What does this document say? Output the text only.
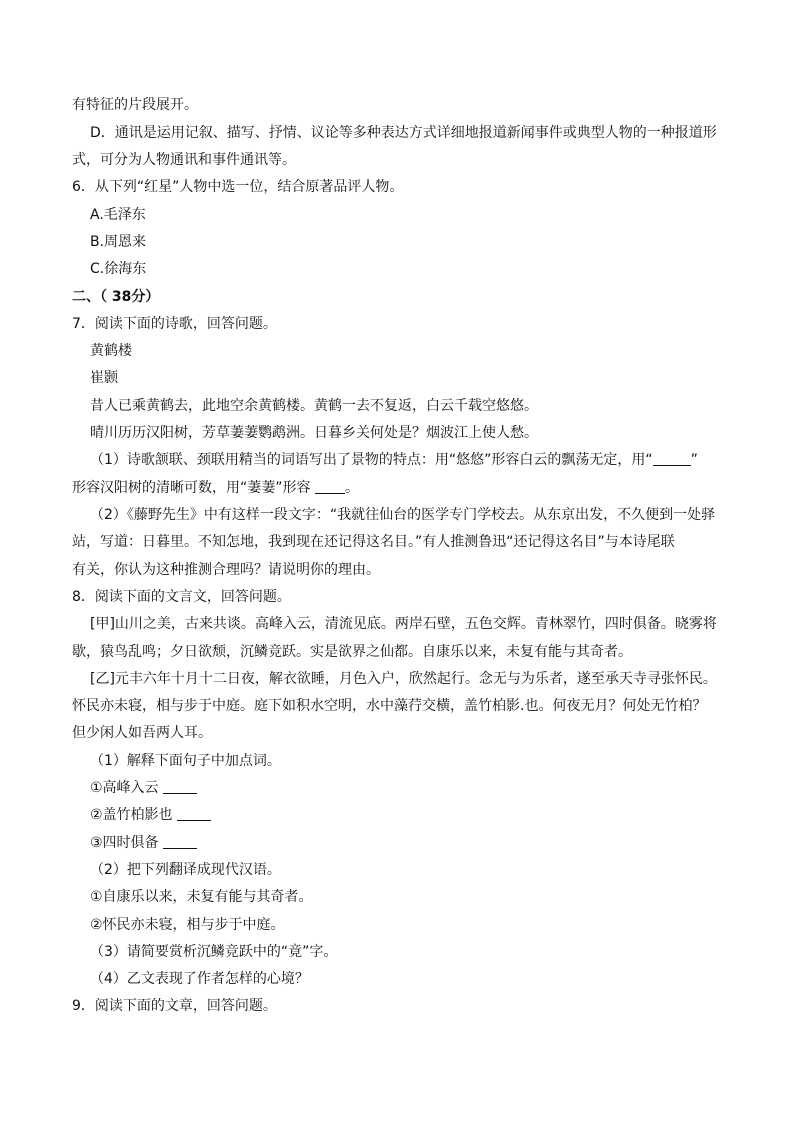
有特征的片段展开。
D．通讯是运用记叙、描写、抒情、议论等多种表达方式详细地报道新闻事件或典型人物的一种报道形
式，可分为人物通讯和事件通讯等。
6．从下列“红星”人物中选一位，结合原著品评人物。
A.毛泽东
B.周恩来
C.徐海东
二、（ 38分）
7．阅读下面的诗歌，回答问题。
黄鹤楼
崔颢
昔人已乘黄鹤去，此地空余黄鹤楼。黄鹤一去不复返，白云千载空悠悠。
晴川历历汉阳树，芳草萋萋鹦鹉洲。日暮乡关何处是？烟波江上使人愁。
（1）诗歌颔联、颈联用精当的词语写出了景物的特点：用“悠悠”形容白云的飘荡无定，用“	”
形容汉阳树的清晰可数，用“萋萋”形容 。
（2）《藤野先生》中有这样一段文字：“我就往仙台的医学专门学校去。从东京出发，不久便到一处驿
站，写道：日暮里。不知怎地，我到现在还记得这名目。”有人推测鲁迅“还记得这名目”与本诗尾联
有关，你认为这种推测合理吗？请说明你的理由。
8．阅读下面的文言文，回答问题。
[甲]山川之美，古来共谈。高峰入云，清流见底。两岸石壁，五色交辉。青林翠竹，四时俱备。晓雾将
歇，猿鸟乱鸣；夕日欲颓，沉鳞竞跃。实是欲界之仙都。自康乐以来，未复有能与其奇者。
[乙]元丰六年十月十二日夜，解衣欲睡，月色入户，欣然起行。念无与为乐者，遂至承天寺寻张怀民。
怀民亦未寝，相与步于中庭。庭下如积水空明，水中藻荇交横，盖竹柏影.也。何夜无月？何处无竹柏？
但少闲人如吾两人耳。
（1）解释下面句子中加点词。
①高峰入云
②盖竹柏影也
③四时俱备
（2）把下列翻译成现代汉语。
①自康乐以来，未复有能与其奇者。
②怀民亦未寝，相与步于中庭。
（3）请简要赏析沉鳞竞跃中的“竟”字。
（4）乙文表现了作者怎样的心境？
9．阅读下面的文章，回答问题。
